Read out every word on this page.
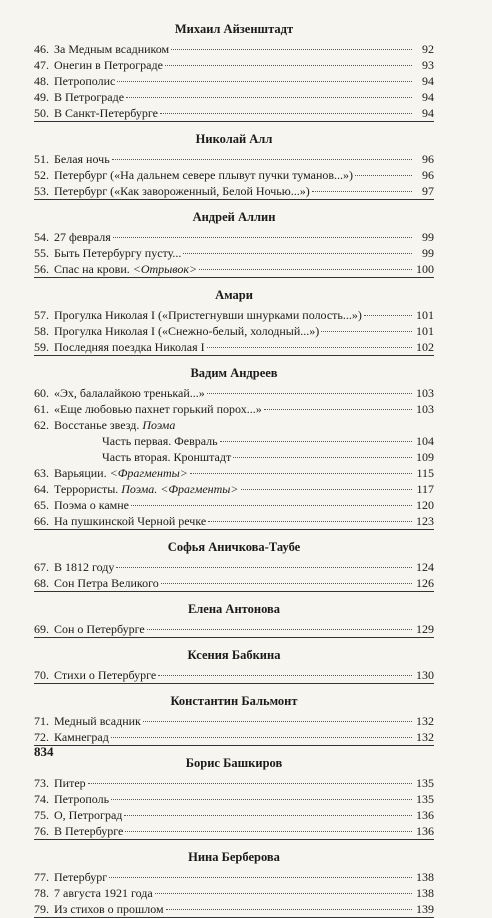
Михаил Айзенштадт
46. За Медным всадником	92
47. Онегин в Петрограде	93
48. Петрополис	94
49. В Петрограде	94
50. В Санкт-Петербурге	94
Николай Алл
51. Белая ночь	96
52. Петербург («На дальнем севере плывут пучки туманов...»)	96
53. Петербург («Как завороженный, Белой Ночью...»)	97
Андрей Аллин
54. 27 февраля	99
55. Быть Петербургу пусту...	99
56. Спас на крови. <Отрывок>	100
Амари
57. Прогулка Николая I («Пристегнувши шнурками полость...»)	101
58. Прогулка Николая I («Снежно-белый, холодный...»)	101
59. Последняя поездка Николая I	102
Вадим Андреев
60. «Эх, балалайкою тренькай...»	103
61. «Еще любовью пахнет горький порох...»	103
62. Восстанье звезд. Поэма
Часть первая. Февраль	104
Часть вторая. Кронштадт	109
63. Варьяции. <Фрагменты>	115
64. Террористы. Поэма. <Фрагменты>	117
65. Поэма о камне	120
66. На пушкинской Черной речке	123
Софья Аничкова-Таубе
67. В 1812 году	124
68. Сон Петра Великого	126
Елена Антонова
69. Сон о Петербурге	129
Ксения Бабкина
70. Стихи о Петербурге	130
Константин Бальмонт
71. Медный всадник	132
72. Камнеград	132
Борис Башкиров
73. Питер	135
74. Петрополь	135
75. О, Петроград	136
76. В Петербурге	136
Нина Берберова
77. Петербург	138
78. 7 августа 1921 года	138
79. Из стихов о прошлом	139
834
